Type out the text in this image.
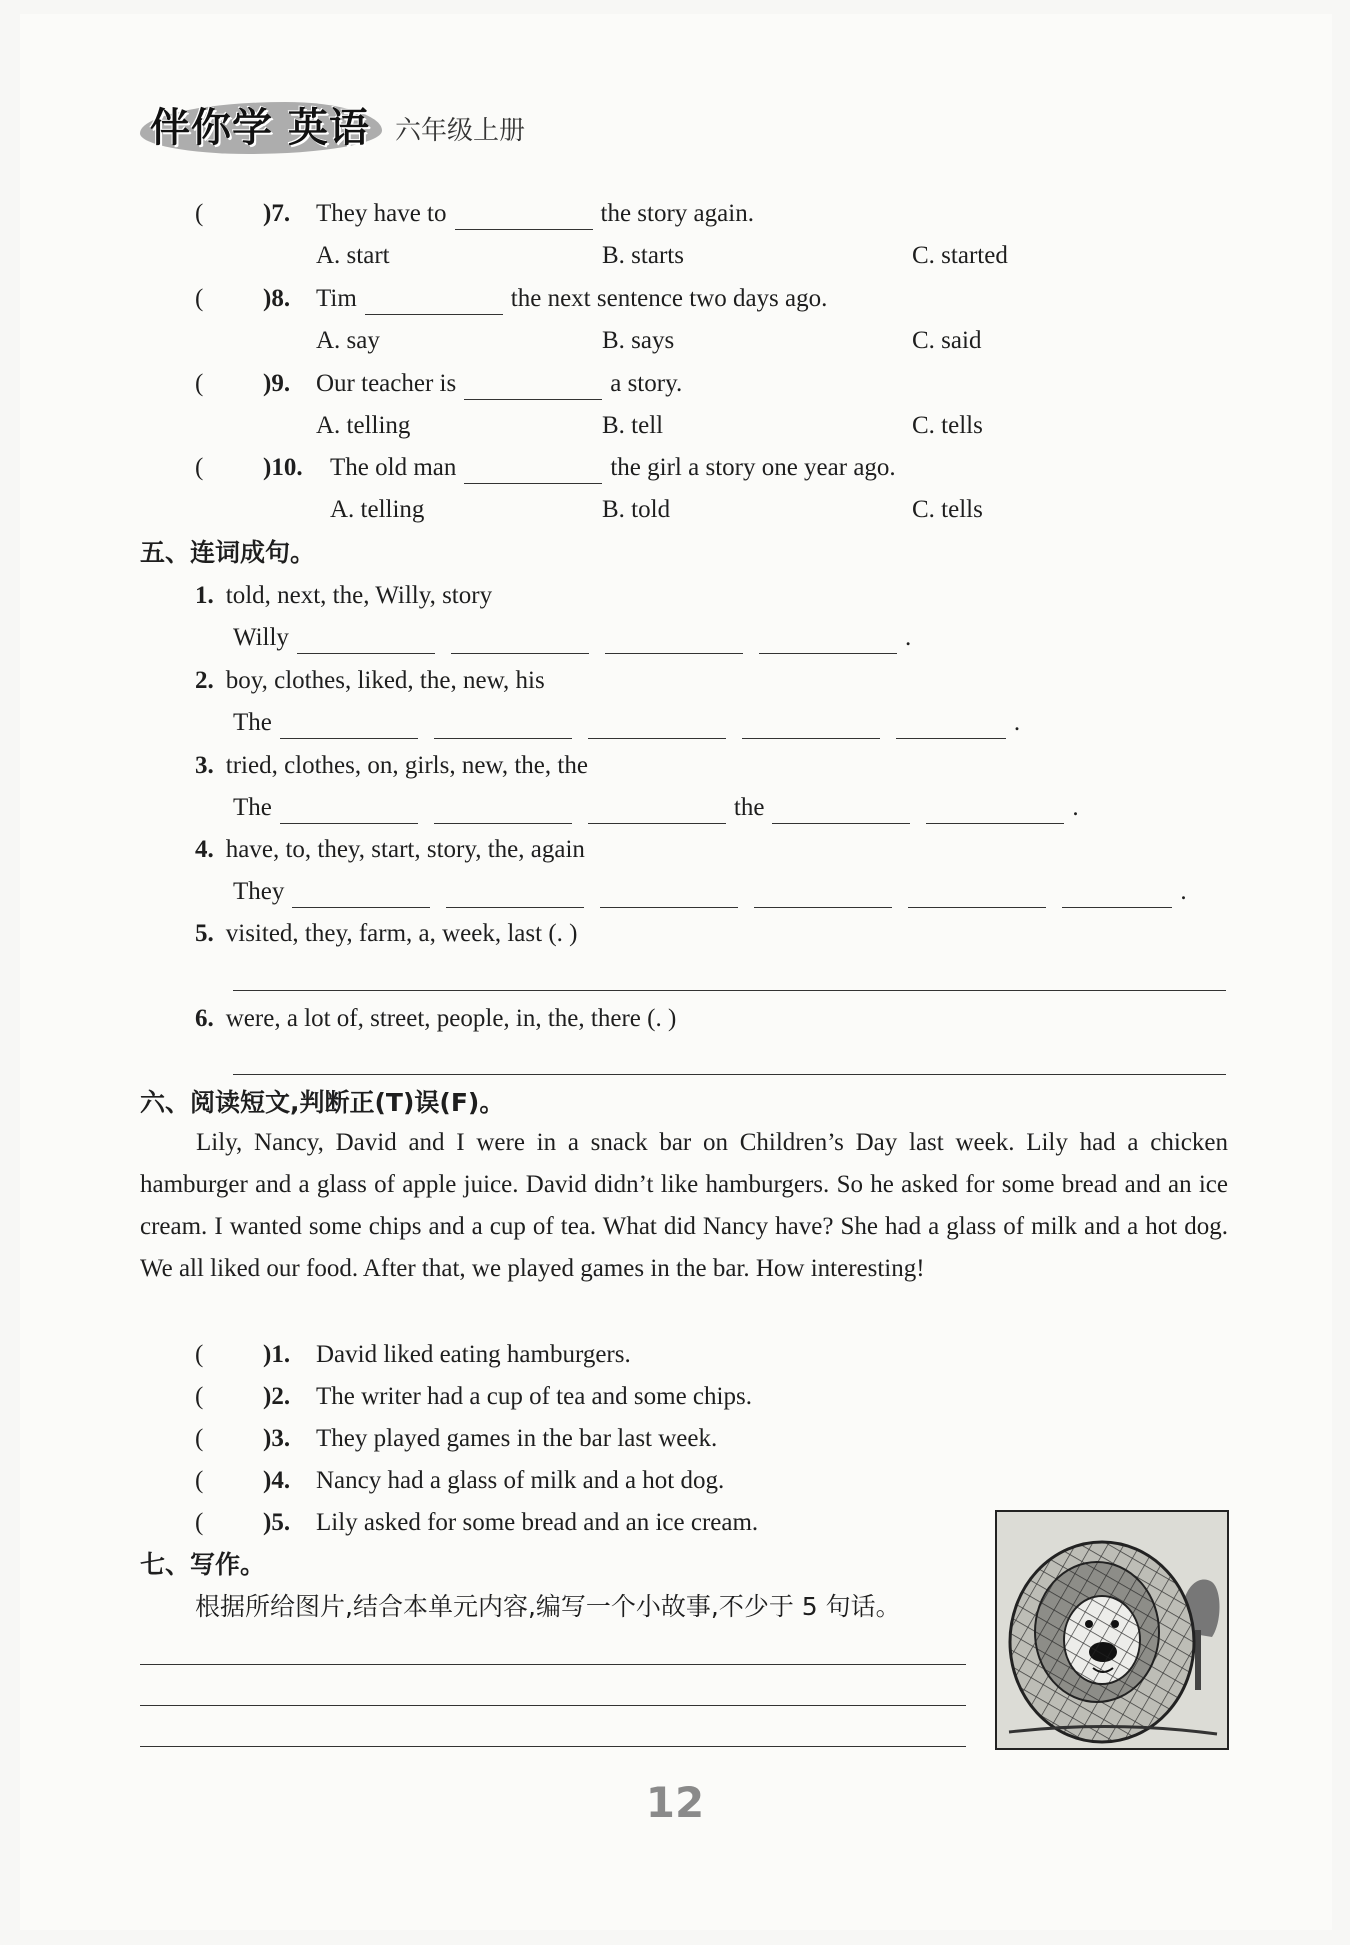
伴你学 英语 六年级上册
( )7. They have to	the story again.
A. start	B. starts	C. started
( )8. Tim	the next sentence two days ago.
A. say	B. says	C. said
( )9. Our teacher is	a story.
A. telling	B. tell	C. tells
( )10. The old man	the girl a story one year ago.
A. telling	B. told	C. tells
五、连词成句。
1. told, next, the, Willy, story
Willy	.
2. boy, clothes, liked, the, new, his
The	.
3. tried, clothes, on, girls, new, the, the
The	the	.
4. have, to, they, start, story, the, again
They	.
5. visited, they, farm, a, week, last (. )
6. were, a lot of, street, people, in, the, there (. )
六、阅读短文,判断正(T)误(F)。
Lily, Nancy, David and I were in a snack bar on Children’s Day last week. Lily had a chicken hamburger and a glass of apple juice. David didn’t like hamburgers. So he asked for some bread and an ice cream. I wanted some chips and a cup of tea. What did Nancy have? She had a glass of milk and a hot dog. We all liked our food. After that, we played games in the bar. How interesting!
( )1. David liked eating hamburgers.
( )2. The writer had a cup of tea and some chips.
( )3. They played games in the bar last week.
( )4. Nancy had a glass of milk and a hot dog.
( )5. Lily asked for some bread and an ice cream.
七、写作。
根据所给图片,结合本单元内容,编写一个小故事,不少于 5 句话。
12
